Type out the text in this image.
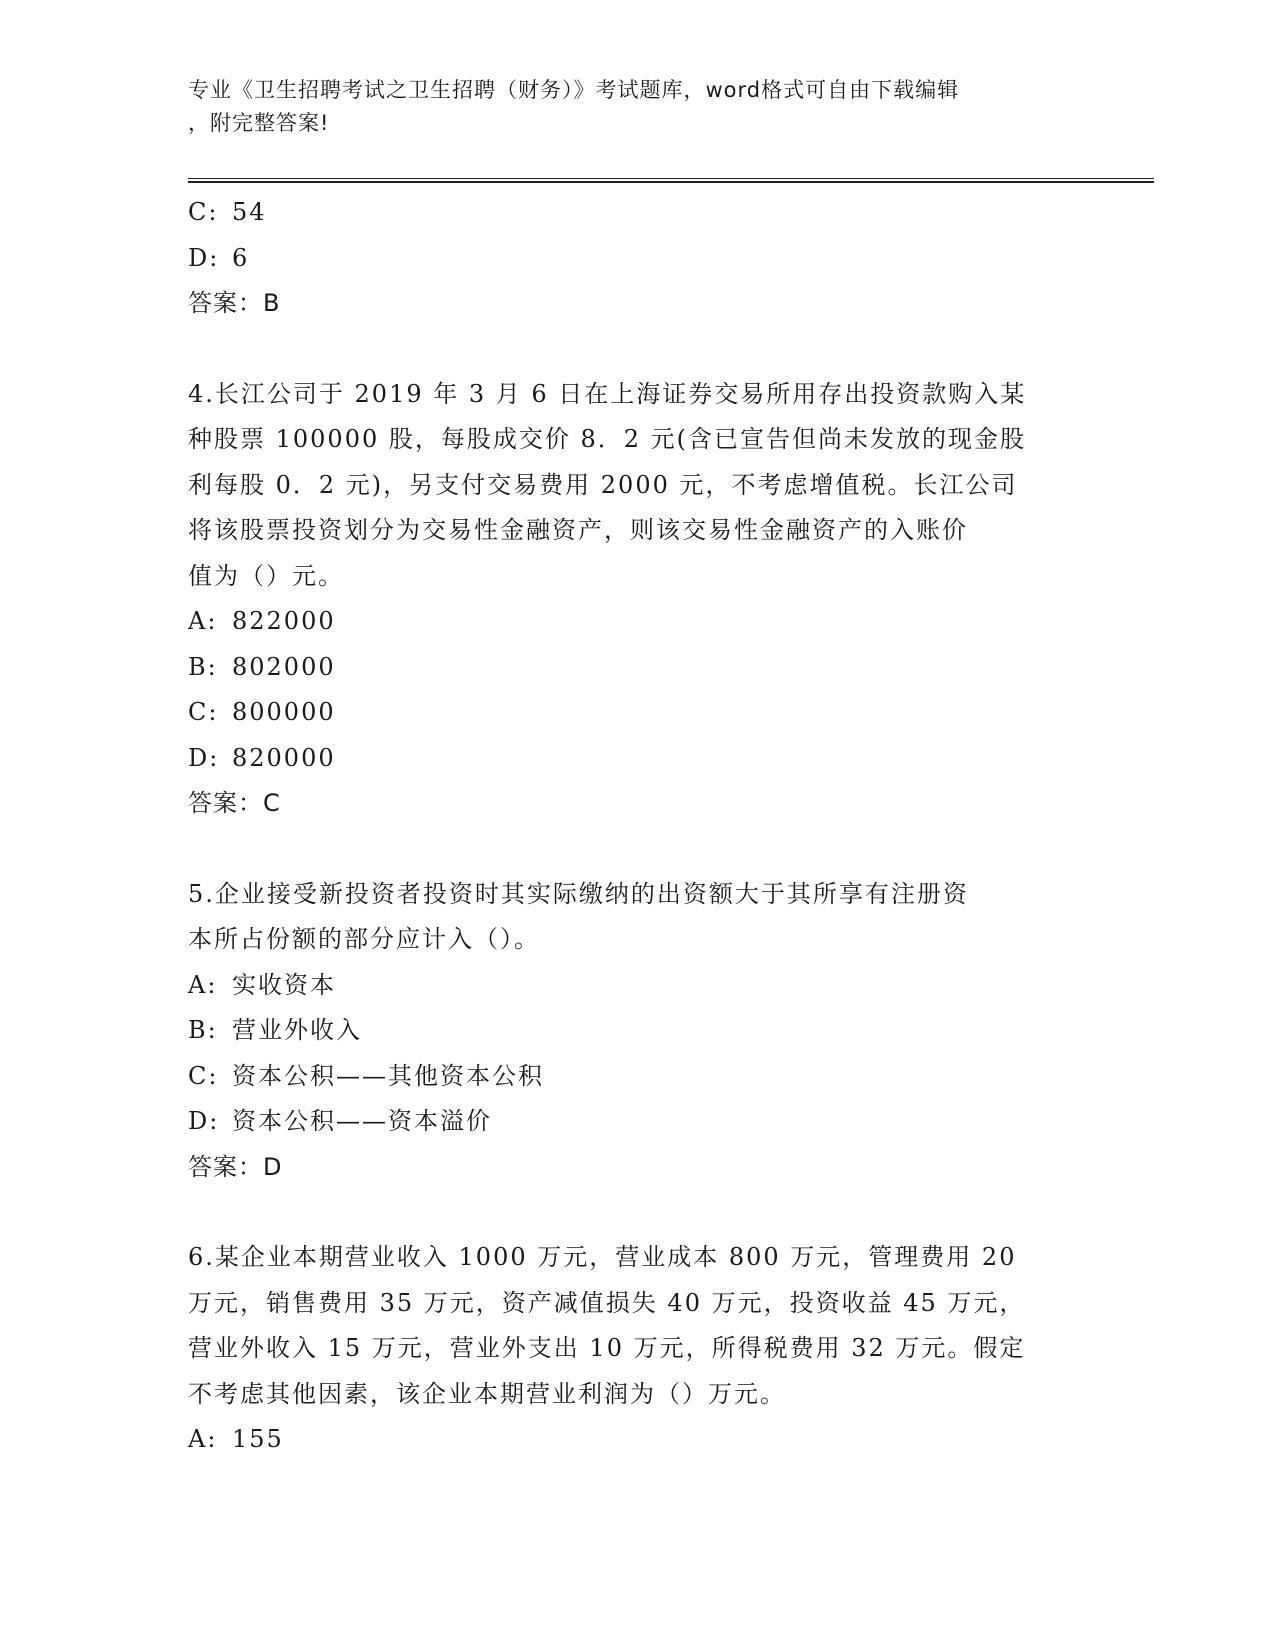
专业《卫生招聘考试之卫生招聘（财务）》考试题库，word格式可自由下载编辑
，附完整答案!
C: 54
D: 6
答案：B
4.长江公司于 2019 年 3 月 6 日在上海证券交易所用存出投资款购入某
种股票 100000 股，每股成交价 8．2 元(含已宣告但尚未发放的现金股
利每股 0．2 元)，另支付交易费用 2000 元，不考虑增值税。长江公司
将该股票投资划分为交易性金融资产，则该交易性金融资产的入账价
值为（）元。
A: 822000
B: 802000
C: 800000
D: 820000
答案：C
5.企业接受新投资者投资时其实际缴纳的出资额大于其所享有注册资
本所占份额的部分应计入（）。
A: 实收资本
B: 营业外收入
C: 资本公积——其他资本公积
D: 资本公积——资本溢价
答案：D
6.某企业本期营业收入 1000 万元，营业成本 800 万元，管理费用 20
万元，销售费用 35 万元，资产减值损失 40 万元，投资收益 45 万元，
营业外收入 15 万元，营业外支出 10 万元，所得税费用 32 万元。假定
不考虑其他因素，该企业本期营业利润为（）万元。
A: 155
